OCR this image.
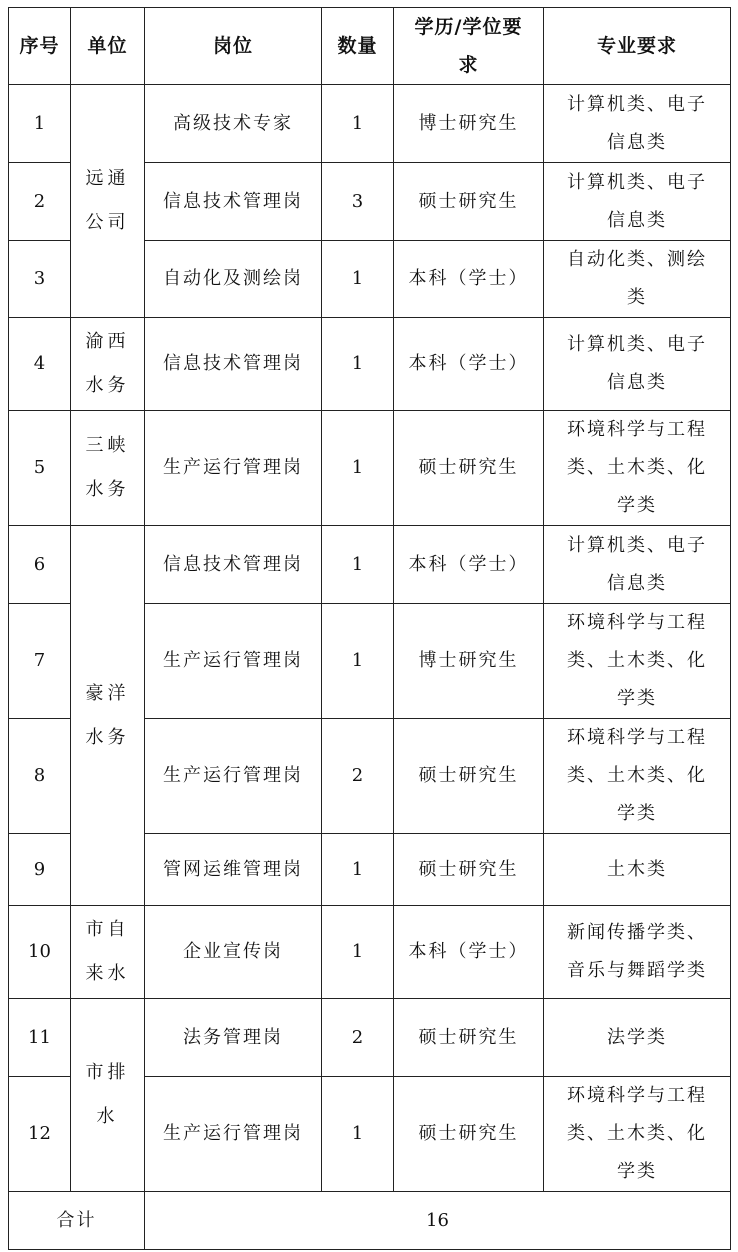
序号	单位	岗位	数量	学历/学位要求	专业要求
1	远通公司	高级技术专家	1	博士研究生	计算机类、电子信息类
2		信息技术管理岗	3	硕士研究生	计算机类、电子信息类
3		自动化及测绘岗	1	本科（学士）	自动化类、测绘类
4	渝西水务	信息技术管理岗	1	本科（学士）	计算机类、电子信息类
5	三峡水务	生产运行管理岗	1	硕士研究生	环境科学与工程类、土木类、化学类
6	豪洋水务	信息技术管理岗	1	本科（学士）	计算机类、电子信息类
7		生产运行管理岗	1	博士研究生	环境科学与工程类、土木类、化学类
8		生产运行管理岗	2	硕士研究生	环境科学与工程类、土木类、化学类
9		管网运维管理岗	1	硕士研究生	土木类
10	市自来水	企业宣传岗	1	本科（学士）	新闻传播学类、音乐与舞蹈学类
11	市排水	法务管理岗	2	硕士研究生	法学类
12		生产运行管理岗	1	硕士研究生	环境科学与工程类、土木类、化学类
合计		16			
